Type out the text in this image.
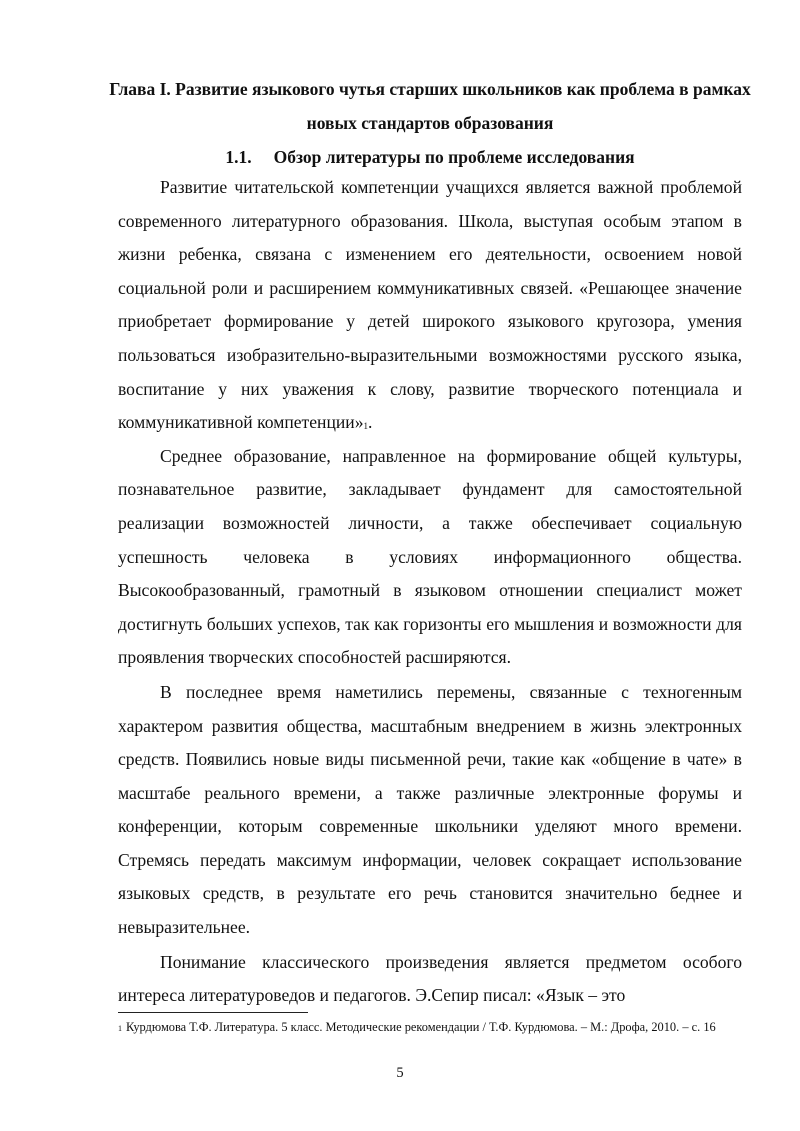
Глава I. Развитие языкового чутья старших школьников как проблема в рамках новых стандартов образования
1.1. Обзор литературы по проблеме исследования

Развитие читательской компетенции учащихся является важной проблемой современного литературного образования. Школа, выступая особым этапом в жизни ребенка, связана с изменением его деятельности, освоением новой социальной роли и расширением коммуникативных связей. «Решающее значение приобретает формирование у детей широкого языкового кругозора, умения пользоваться изобразительно-выразительными возможностями русского языка, воспитание у них уважения к слову, развитие творческого потенциала и коммуникативной компетенции»$^1$.

Среднее образование, направленное на формирование общей культуры, познавательное развитие, закладывает фундамент для самостоятельной реализации возможностей личности, а также обеспечивает социальную успешность человека в условиях информационного общества. Высокообразованный, грамотный в языковом отношении специалист может достигнуть больших успехов, так как горизонты его мышления и возможности для проявления творческих способностей расширяются.

В последнее время наметились перемены, связанные с техногенным характером развития общества, масштабным внедрением в жизнь электронных средств. Появились новые виды письменной речи, такие как «общение в чате» в масштабе реального времени, а также различные электронные форумы и конференции, которым современные школьники уделяют много времени. Стремясь передать максимум информации, человек сокращает использование языковых средств, в результате его речь становится значительно беднее и невыразительнее.

Понимание классического произведения является предметом особого интереса литературоведов и педагогов. Э.Сепир писал: «Язык – это

$^1$ Курдюмова Т.Ф. Литература. 5 класс. Методические рекомендации / Т.Ф. Курдюмова. – М.: Дрофа, 2010. – с. 16

5
